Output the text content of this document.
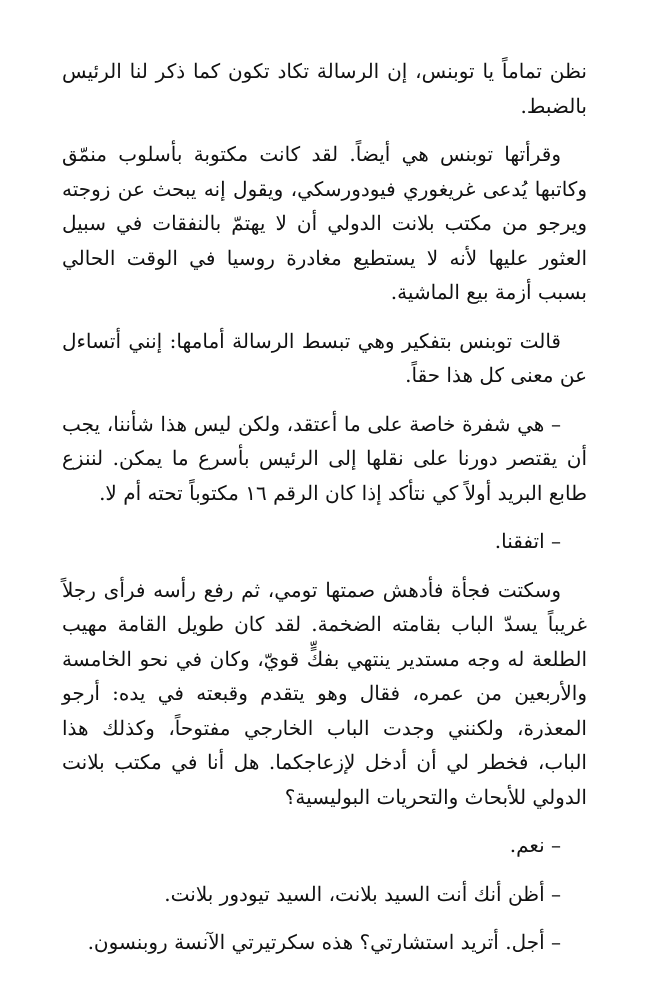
نظن تماماً يا توبنس، إن الرسالة تكاد تكون كما ذكر لنا الرئيس بالضبط.

وقرأتها توبنس هي أيضاً. لقد كانت مكتوبة بأسلوب منمّق وكاتبها يُدعى غريغوري فيودورسكي، ويقول إنه يبحث عن زوجته ويرجو من مكتب بلانت الدولي أن لا يهتمّ بالنفقات في سبيل العثور عليها لأنه لا يستطيع مغادرة روسيا في الوقت الحالي بسبب أزمة بيع الماشية.

قالت توبنس بتفكير وهي تبسط الرسالة أمامها: إنني أتساءل عن معنى كل هذا حقاً.

– هي شفرة خاصة على ما أعتقد، ولكن ليس هذا شأننا، يجب أن يقتصر دورنا على نقلها إلى الرئيس بأسرع ما يمكن. لننزع طابع البريد أولاً كي نتأكد إذا كان الرقم ١٦ مكتوباً تحته أم لا.

– اتفقنا.

وسكتت فجأة فأدهش صمتها تومي، ثم رفع رأسه فرأى رجلاً غريباً يسدّ الباب بقامته الضخمة. لقد كان طويل القامة مهيب الطلعة له وجه مستدير ينتهي بفكٍّ قويّ، وكان في نحو الخامسة والأربعين من عمره، فقال وهو يتقدم وقبعته في يده: أرجو المعذرة، ولكنني وجدت الباب الخارجي مفتوحاً، وكذلك هذا الباب، فخطر لي أن أدخل لإزعاجكما. هل أنا في مكتب بلانت الدولي للأبحاث والتحريات البوليسية؟

– نعم.

– أظن أنك أنت السيد بلانت، السيد تيودور بلانت.

– أجل. أتريد استشارتي؟ هذه سكرتيرتي الآنسة روبنسون.
